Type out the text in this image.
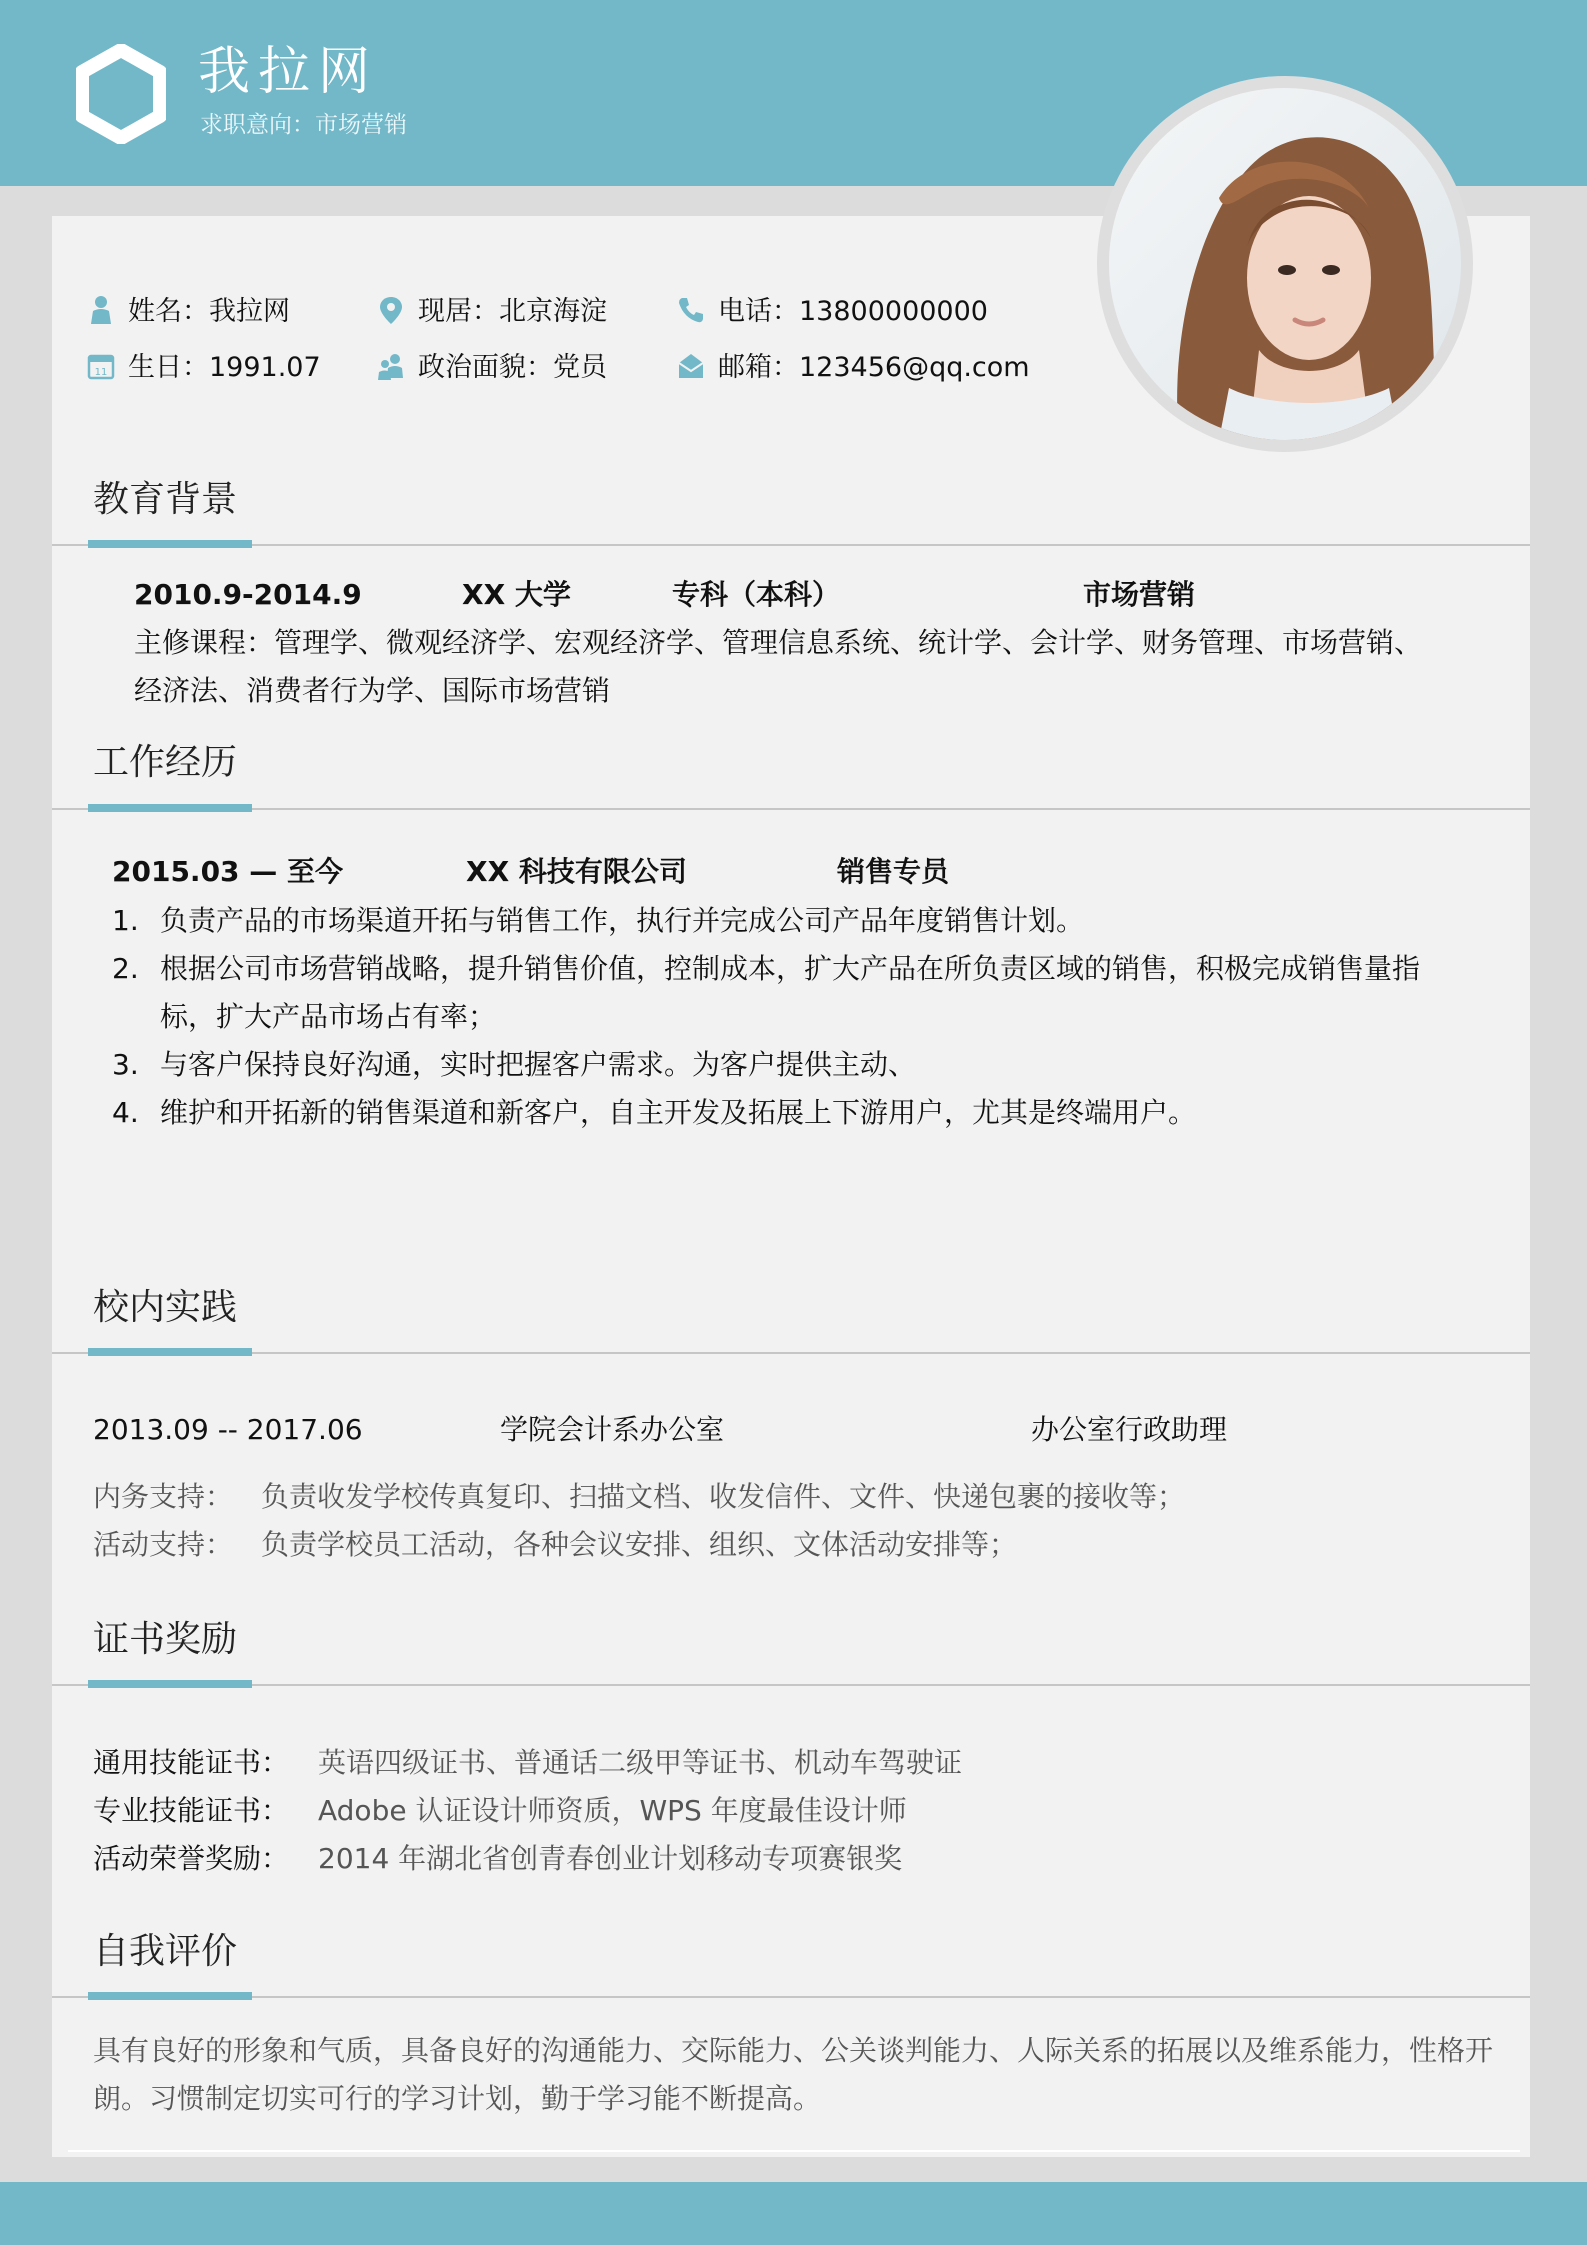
我拉网
求职意向：市场营销
姓名：我拉网	现居：北京海淀	电话：13800000000
11 生日：1991.07	政治面貌：党员	邮箱：123456@qq.com
教育背景
2010.9-2014.9	XX 大学	专科（本科）	市场营销
主修课程：管理学、微观经济学、宏观经济学、管理信息系统、统计学、会计学、财务管理、市场营销、
经济法、消费者行为学、国际市场营销
工作经历
2015.03 — 至今	XX 科技有限公司	销售专员
1. 负责产品的市场渠道开拓与销售工作，执行并完成公司产品年度销售计划。
2. 根据公司市场营销战略，提升销售价值，控制成本，扩大产品在所负责区域的销售，积极完成销售量指
标，扩大产品市场占有率；
3. 与客户保持良好沟通，实时把握客户需求。为客户提供主动、
4. 维护和开拓新的销售渠道和新客户，自主开发及拓展上下游用户，尤其是终端用户。
校内实践
2013.09 -- 2017.06	学院会计系办公室	办公室行政助理
内务支持： 负责收发学校传真复印、扫描文档、收发信件、文件、快递包裹的接收等；
活动支持： 负责学校员工活动，各种会议安排、组织、文体活动安排等；
证书奖励
通用技能证书： 英语四级证书、普通话二级甲等证书、机动车驾驶证
专业技能证书： Adobe 认证设计师资质，WPS 年度最佳设计师
活动荣誉奖励： 2014 年湖北省创青春创业计划移动专项赛银奖
自我评价
具有良好的形象和气质，具备良好的沟通能力、交际能力、公关谈判能力、人际关系的拓展以及维系能力，性格开
朗。习惯制定切实可行的学习计划，勤于学习能不断提高。
